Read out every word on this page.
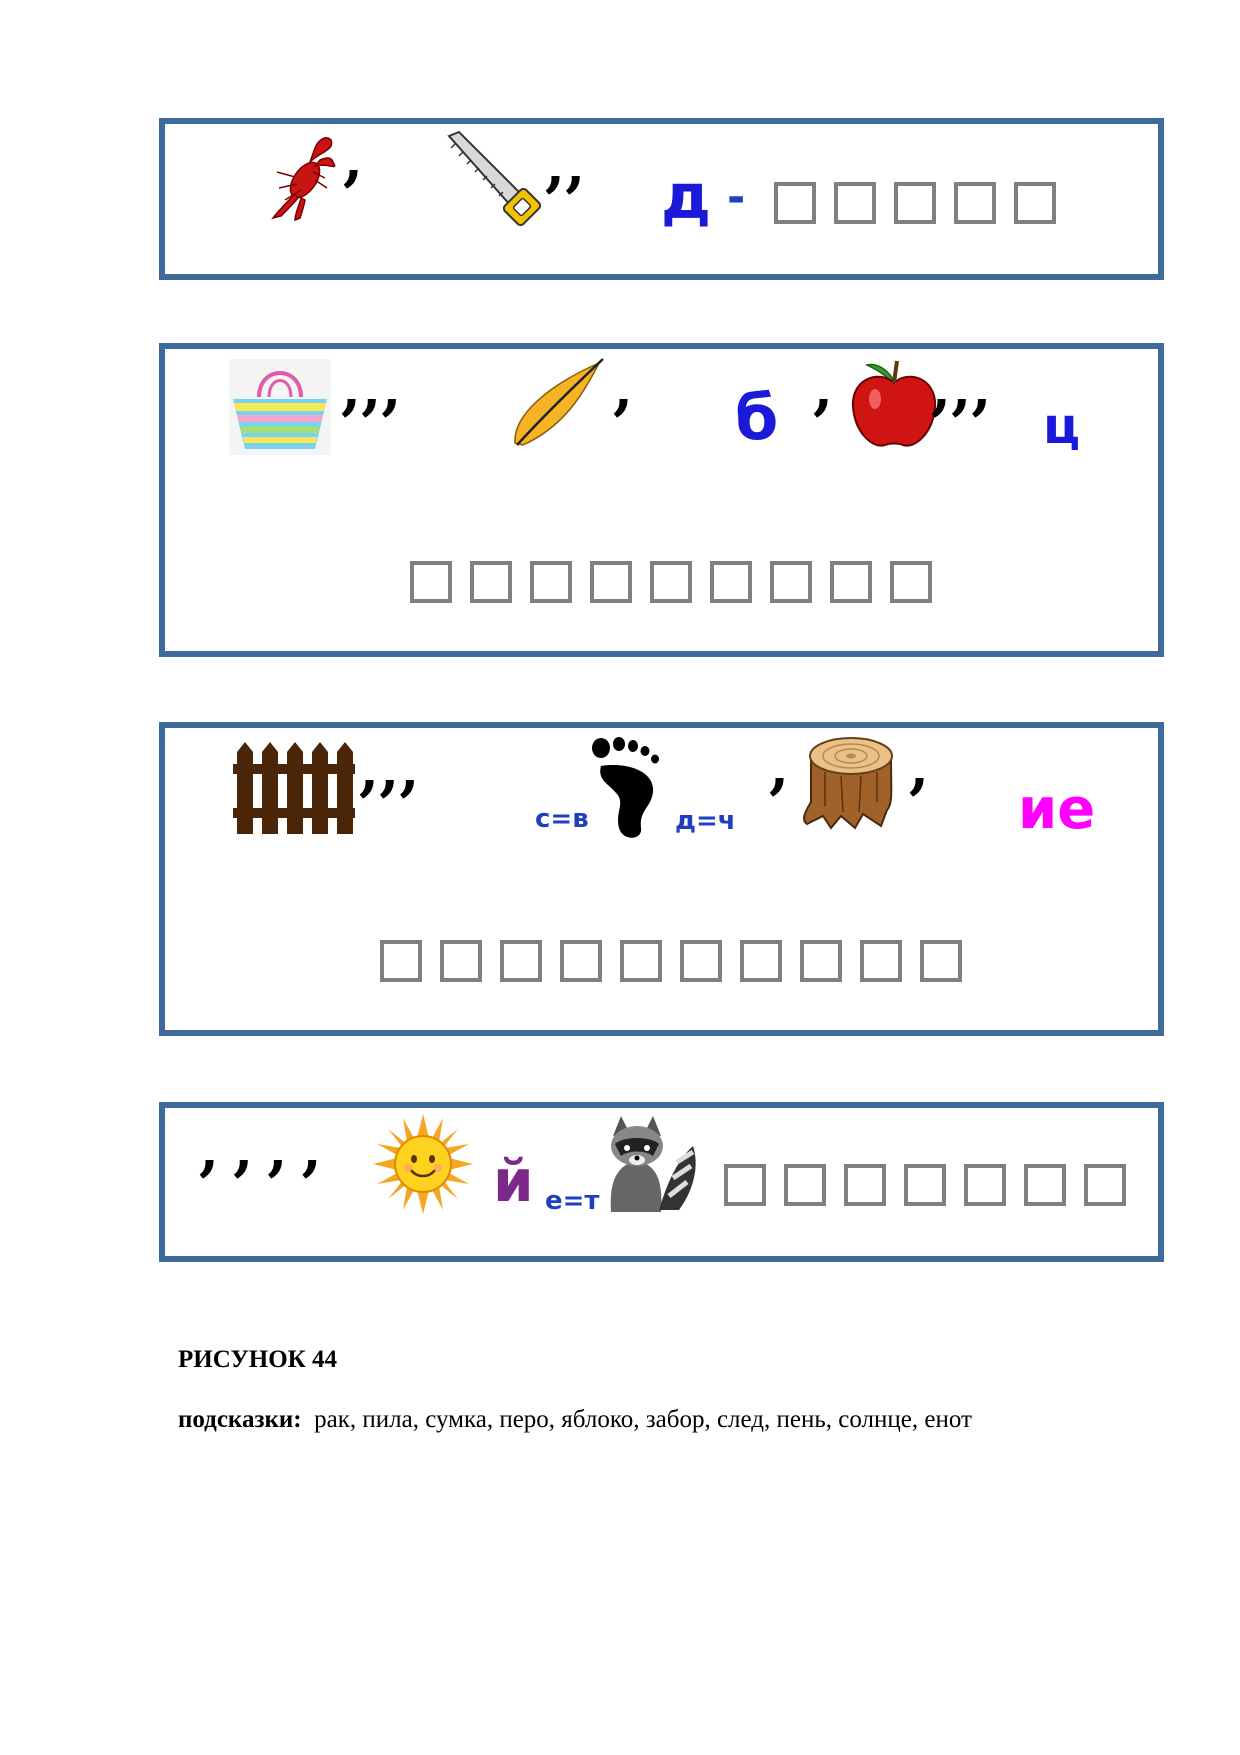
,	,, д -
,,,	, б , ,,,
ц
,,,
с=в	д=ч
, ,
ие
,,,,	й е=т
РИСУНОК 44
подсказки: рак, пила, сумка, перо, яблоко, забор, след, пень, солнце, енот
